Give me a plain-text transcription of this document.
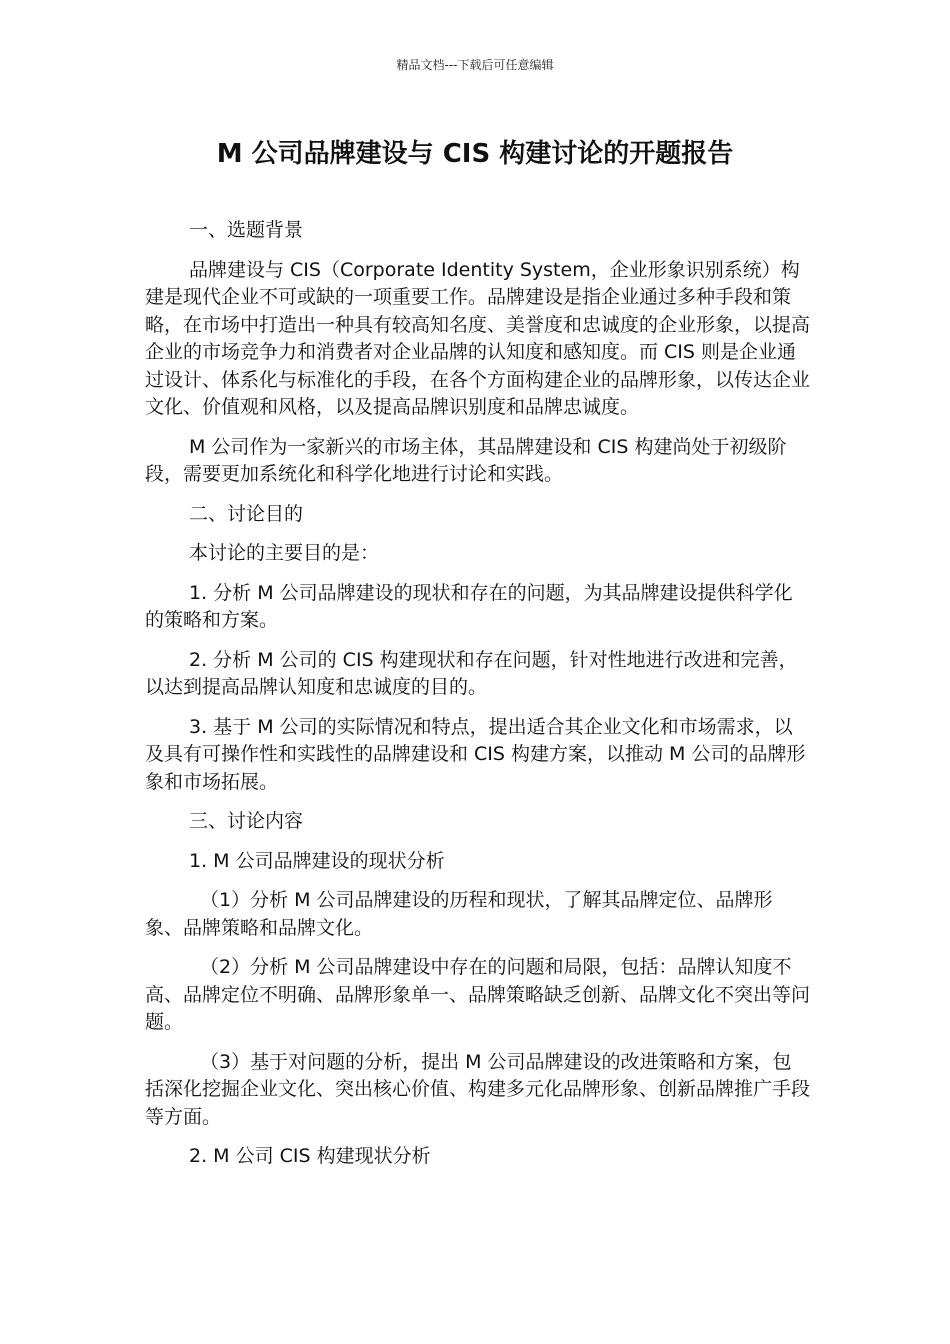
精品文档---下载后可任意编辑
M 公司品牌建设与 CIS 构建讨论的开题报告

一、选题背景

品牌建设与 CIS（Corporate Identity System，企业形象识别系统）构建是现代企业不可或缺的一项重要工作。品牌建设是指企业通过多种手段和策略，在市场中打造出一种具有较高知名度、美誉度和忠诚度的企业形象，以提高企业的市场竞争力和消费者对企业品牌的认知度和感知度。而 CIS 则是企业通过设计、体系化与标准化的手段，在各个方面构建企业的品牌形象，以传达企业文化、价值观和风格，以及提高品牌识别度和品牌忠诚度。

M 公司作为一家新兴的市场主体，其品牌建设和 CIS 构建尚处于初级阶段，需要更加系统化和科学化地进行讨论和实践。

二、讨论目的

本讨论的主要目的是：

1. 分析 M 公司品牌建设的现状和存在的问题，为其品牌建设提供科学化的策略和方案。

2. 分析 M 公司的 CIS 构建现状和存在问题，针对性地进行改进和完善，以达到提高品牌认知度和忠诚度的目的。

3. 基于 M 公司的实际情况和特点，提出适合其企业文化和市场需求，以及具有可操作性和实践性的品牌建设和 CIS 构建方案，以推动 M 公司的品牌形象和市场拓展。

三、讨论内容

1. M 公司品牌建设的现状分析

（1）分析 M 公司品牌建设的历程和现状，了解其品牌定位、品牌形象、品牌策略和品牌文化。

（2）分析 M 公司品牌建设中存在的问题和局限，包括：品牌认知度不高、品牌定位不明确、品牌形象单一、品牌策略缺乏创新、品牌文化不突出等问题。

（3）基于对问题的分析，提出 M 公司品牌建设的改进策略和方案，包括深化挖掘企业文化、突出核心价值、构建多元化品牌形象、创新品牌推广手段等方面。

2. M 公司 CIS 构建现状分析
